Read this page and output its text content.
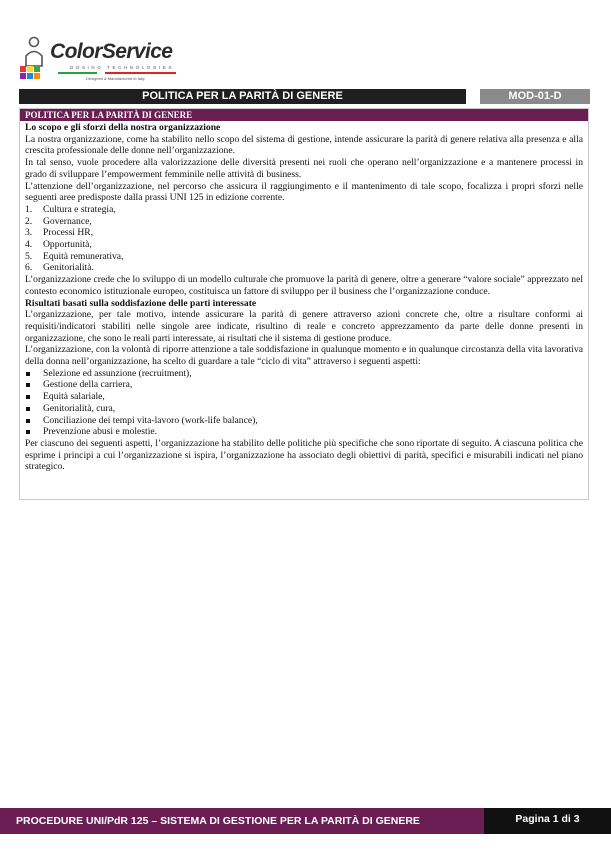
ColorService
DOSING TECHNOLOGIES
Designed & Manufactured in Italy
POLITICA PER LA PARITÀ DI GENERE	MOD-01-D
POLITICA PER LA PARITÀ DI GENERE

Lo scopo e gli sforzi della nostra organizzazione

La nostra organizzazione, come ha stabilito nello scopo del sistema di gestione, intende assicurare la parità di genere relativa alla presenza e alla crescita professionale delle donne nell’organizzazione.

In tal senso, vuole procedere alla valorizzazione delle diversità presenti nei ruoli che operano nell’organizzazione e a mantenere processi in grado di sviluppare l’empowerment femminile nelle attività di business.

L’attenzione dell’organizzazione, nel percorso che assicura il raggiungimento e il mantenimento di tale scopo, focalizza i propri sforzi nelle seguenti aree predisposte dalla prassi UNI 125 in edizione corrente.

1.	Cultura e strategia,
2.	Governance,
3.	Processi HR,
4.	Opportunità,
5.	Equità remunerativa,
6.	Genitorialità.

L’organizzazione crede che lo sviluppo di un modello culturale che promuove la parità di genere, oltre a generare “valore sociale” apprezzato nel contesto economico istituzionale europeo, costituisca un fattore di sviluppo per il business che l’organizzazione conduce.

Risultati basati sulla soddisfazione delle parti interessate

L’organizzazione, per tale motivo, intende assicurare la parità di genere attraverso azioni concrete che, oltre a risultare conformi ai requisiti/indicatori stabiliti nelle singole aree indicate, risultino di reale e concreto apprezzamento da parte delle donne presenti in organizzazione, che sono le reali parti interessate, ai risultati che il sistema di gestione produce.

L’organizzazione, con la volontà di riporre attenzione a tale soddisfazione in qualunque momento e in qualunque circostanza della vita lavorativa della donna nell’organizzazione, ha scelto di guardare a tale “ciclo di vita” attraverso i seguenti aspetti:

Selezione ed assunzione (recruitment),
Gestione della carriera,
Equità salariale,
Genitorialità, cura,
Conciliazione dei tempi vita-lavoro (work-life balance),
Prevenzione abusi e molestie.

Per ciascuno dei seguenti aspetti, l’organizzazione ha stabilito delle politiche più specifiche che sono riportate di seguito. A ciascuna politica che esprime i principi a cui l’organizzazione si ispira, l’organizzazione ha associato degli obiettivi di parità, specifici e misurabili indicati nel piano strategico.

PROCEDURE UNI/PdR 125 – SISTEMA DI GESTIONE PER LA PARITÀ DI GENERE	Pagina 1 di 3
